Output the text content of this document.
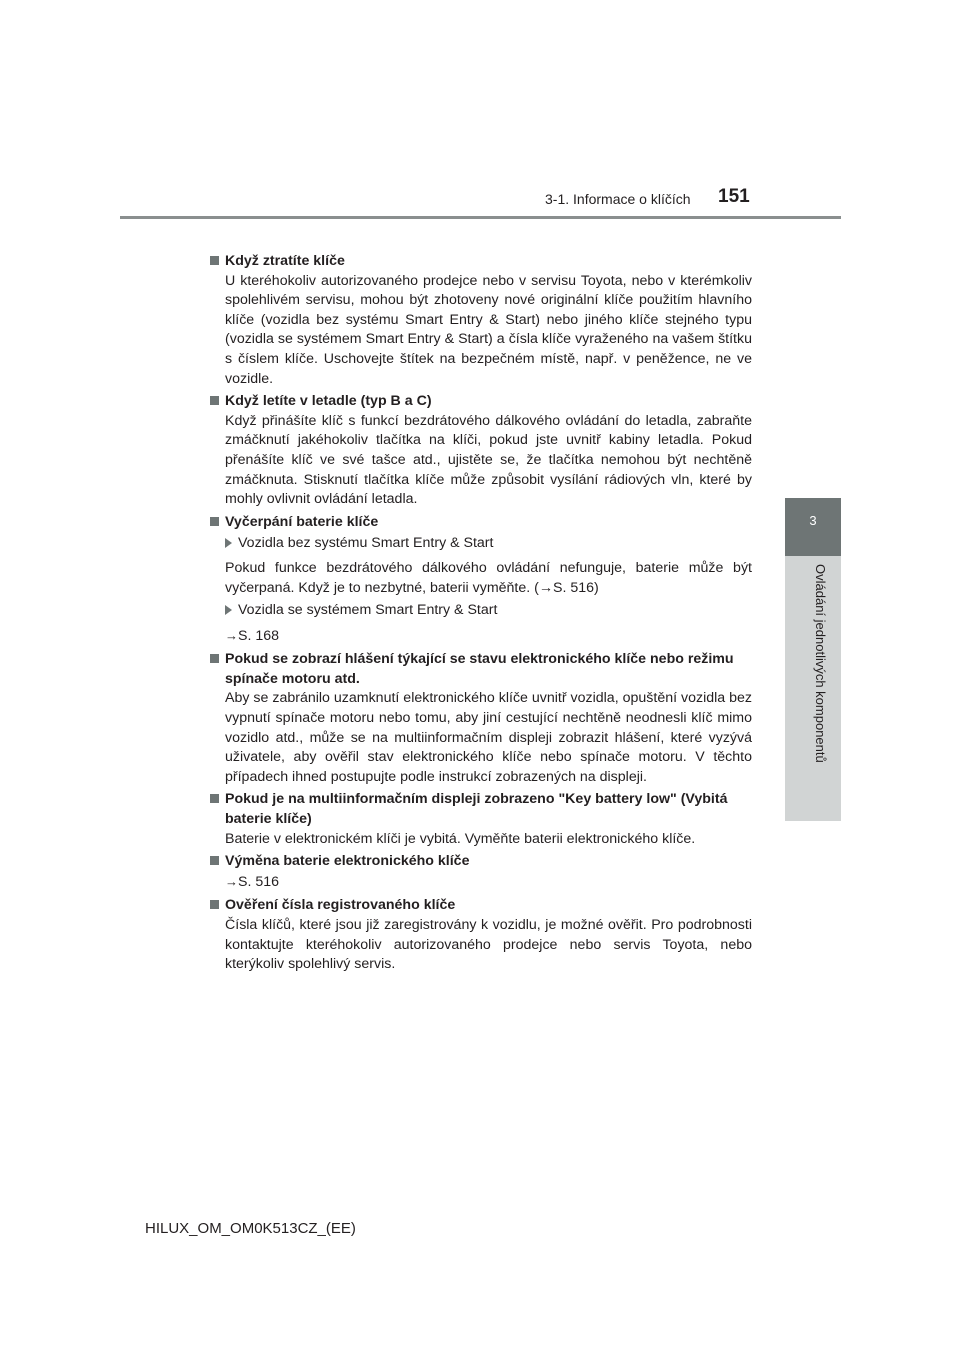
3-1. Informace o klíčích 151
3
Ovládání jednotlivých komponentů
Když ztratíte klíče
U kteréhokoliv autorizovaného prodejce nebo v servisu Toyota, nebo v kterémkoliv spolehlivém servisu, mohou být zhotoveny nové originální klíče použitím hlavního klíče (vozidla bez systému Smart Entry & Start) nebo jiného klíče stejného typu (vozidla se systémem Smart Entry & Start) a čísla klíče vyraženého na vašem štítku s číslem klíče. Uschovejte štítek na bezpečném místě, např. v peněžence, ne ve vozidle.
Když letíte v letadle (typ B a C)
Když přinášíte klíč s funkcí bezdrátového dálkového ovládání do letadla, zabraňte zmáčknutí jakéhokoliv tlačítka na klíči, pokud jste uvnitř kabiny letadla. Pokud přenášíte klíč ve své tašce atd., ujistěte se, že tlačítka nemohou být nechtěně zmáčknuta. Stisknutí tlačítka klíče může způsobit vysílání rádiových vln, které by mohly ovlivnit ovládání letadla.
Vyčerpání baterie klíče
Vozidla bez systému Smart Entry & Start
Pokud funkce bezdrátového dálkového ovládání nefunguje, baterie může být vyčerpaná. Když je to nezbytné, baterii vyměňte. (→S. 516)
Vozidla se systémem Smart Entry & Start
→S. 168
Pokud se zobrazí hlášení týkající se stavu elektronického klíče nebo režimu spínače motoru atd.
Aby se zabránilo uzamknutí elektronického klíče uvnitř vozidla, opuštění vozidla bez vypnutí spínače motoru nebo tomu, aby jiní cestující nechtěně neodnesli klíč mimo vozidlo atd., může se na multiinformačním displeji zobrazit hlášení, které vyzývá uživatele, aby ověřil stav elektronického klíče nebo spínače motoru. V těchto případech ihned postupujte podle instrukcí zobrazených na displeji.
Pokud je na multiinformačním displeji zobrazeno "Key battery low" (Vybitá baterie klíče)
Baterie v elektronickém klíči je vybitá. Vyměňte baterii elektronického klíče.
Výměna baterie elektronického klíče
→S. 516
Ověření čísla registrovaného klíče
Čísla klíčů, které jsou již zaregistrovány k vozidlu, je možné ověřit. Pro podrobnosti kontaktujte kteréhokoliv autorizovaného prodejce nebo servis Toyota, nebo kterýkoliv spolehlivý servis.
HILUX_OM_OM0K513CZ_(EE)
